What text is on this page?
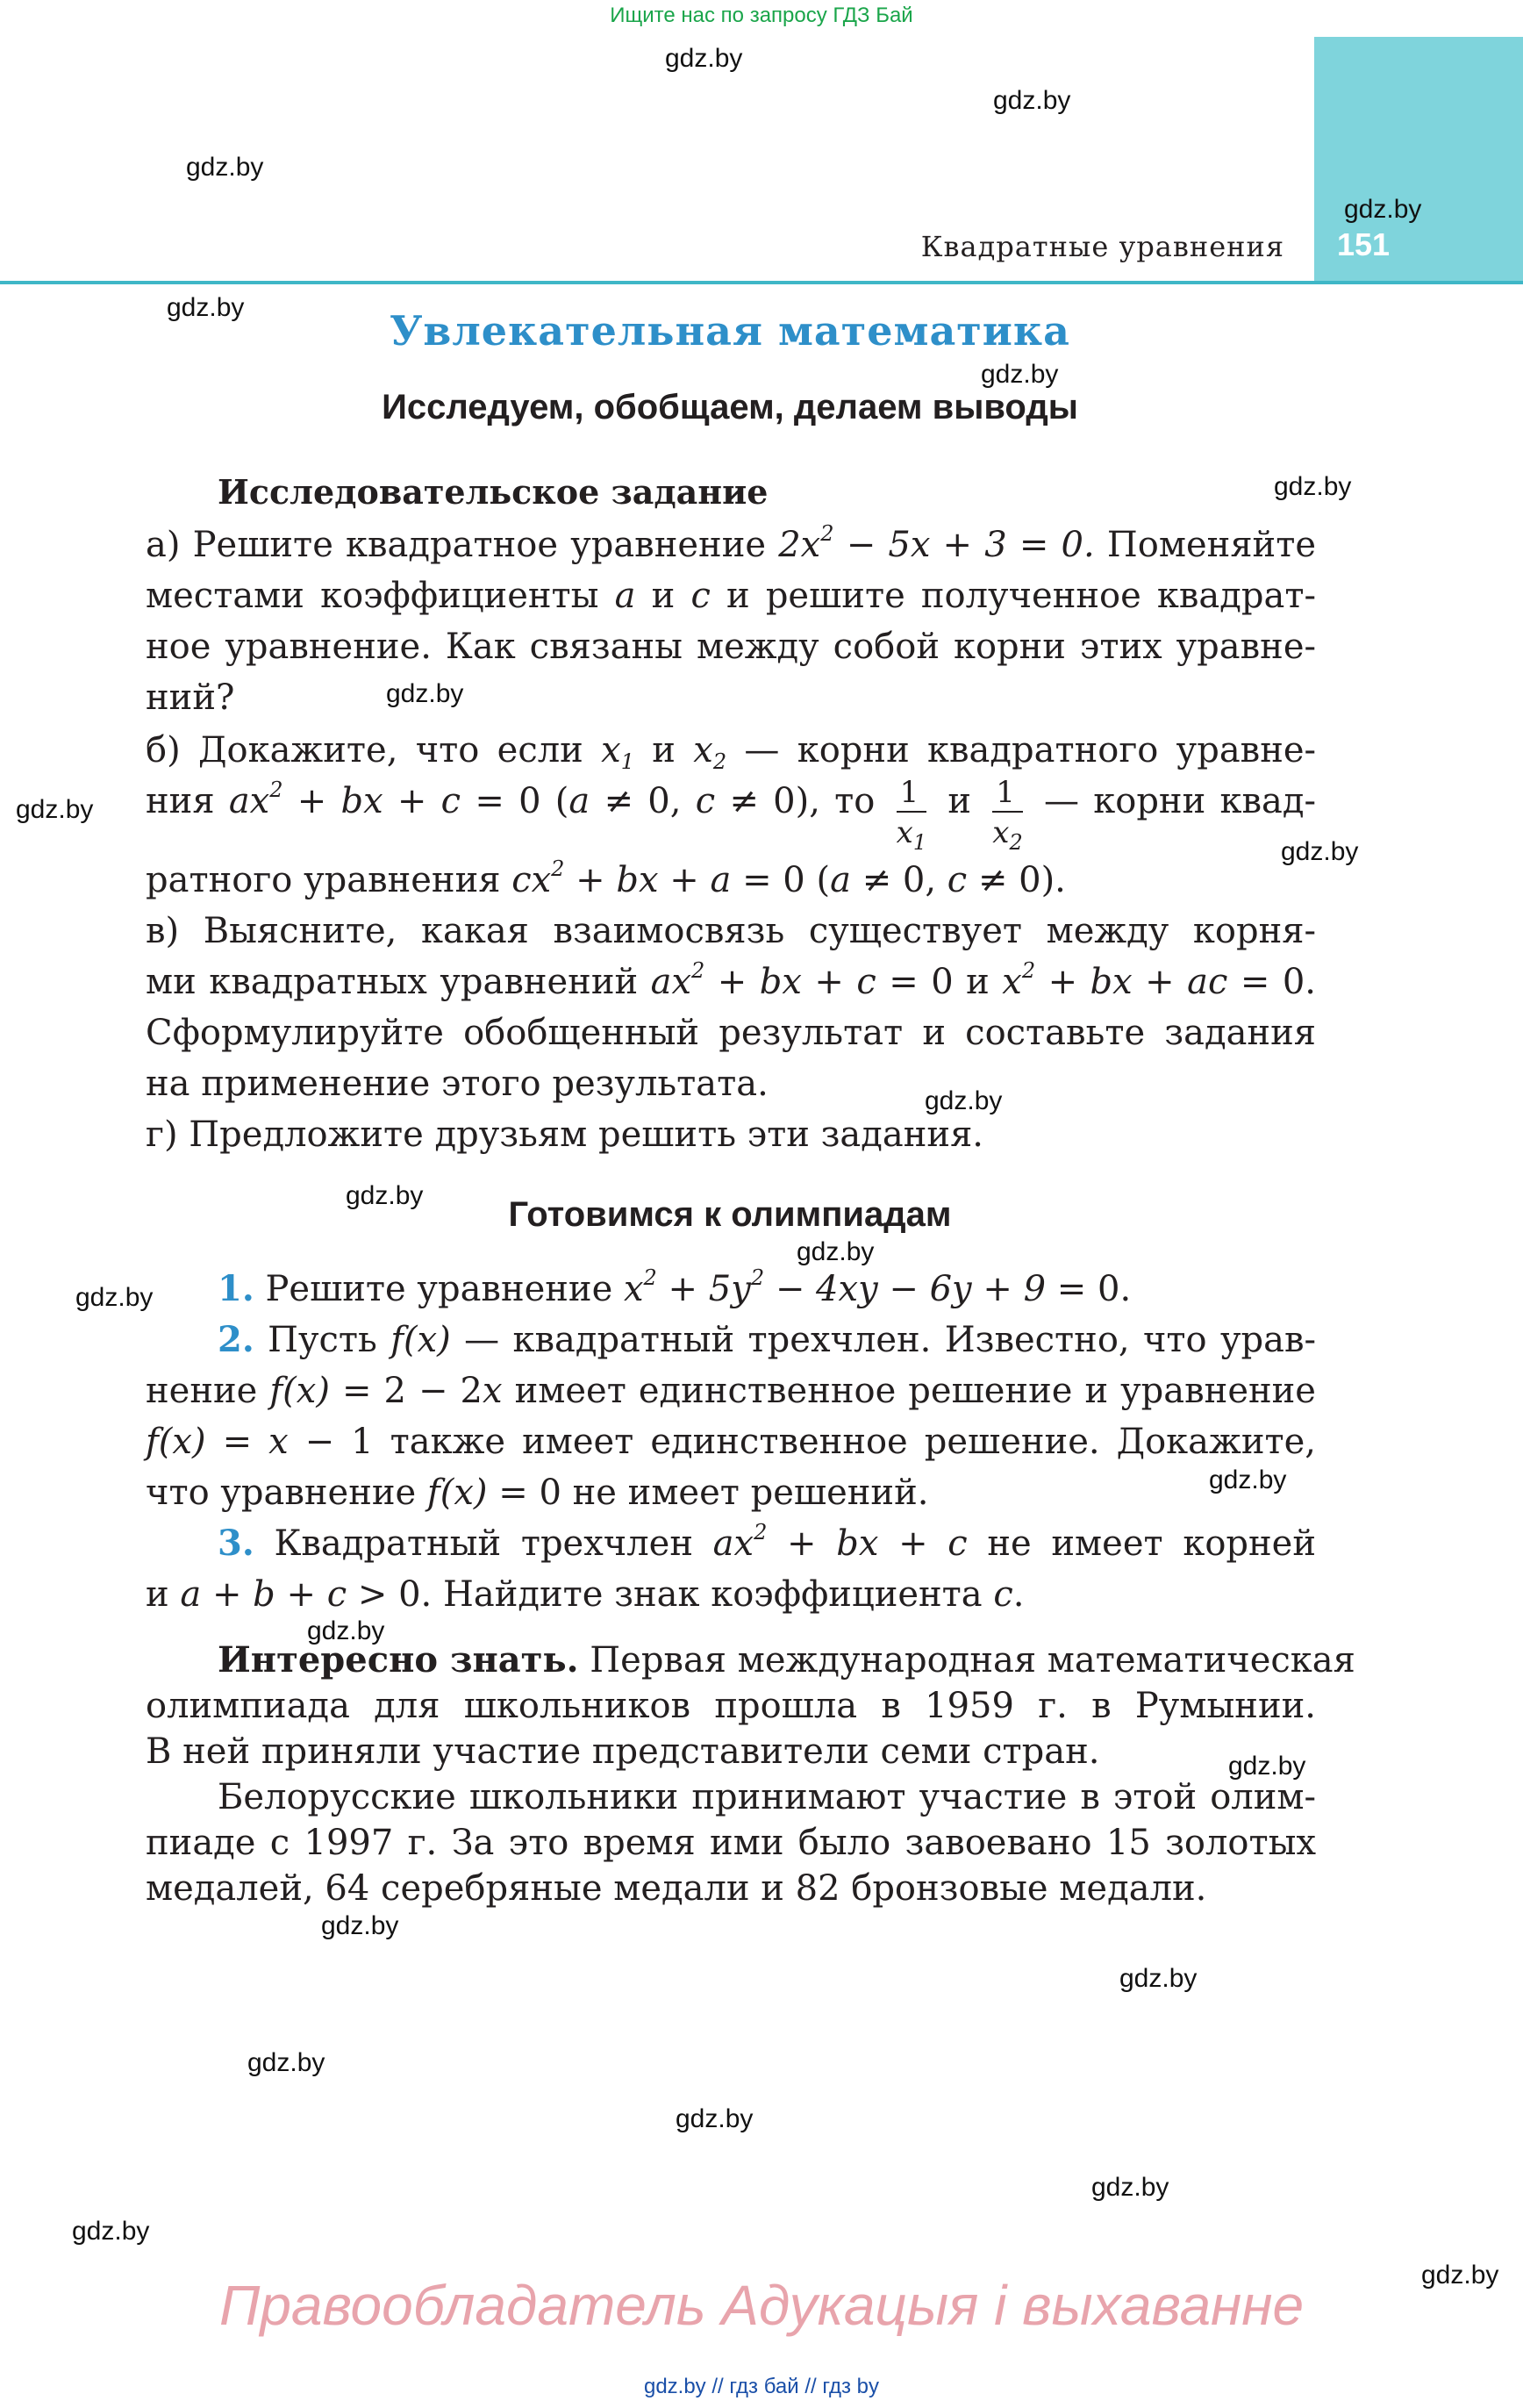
Ищите нас по запросу ГДЗ Бай
151
Квадратные уравнения
Увлекательная математика
Исследуем, обобщаем, делаем выводы
Исследовательское задание
а) Решите квадратное уравнение $2x^2 - 5x + 3 = 0$. Поменяйте
местами коэффициенты a и c и решите полученное квадрат-
ное уравнение. Как связаны между собой корни этих уравне-
ний?
б) Докажите, что если $x_1$ и $x_2$ — корни квадратного уравне-
ния $ax^2$ + bx + c = 0 (a ≠ 0, c ≠ 0), то $\frac{1}{x_1}$ и $\frac{1}{x_2}$ — корни квад-
ратного уравнения $cx^2$ + bx + a = 0 (a ≠ 0, c ≠ 0).
в) Выясните, какая взаимосвязь существует между корня-
ми квадратных уравнений $ax^2$ + bx + c = 0 и $x^2$ + bx + ac = 0.
Сформулируйте обобщенный результат и составьте задания
на применение этого результата.
г) Предложите друзьям решить эти задания.
Готовимся к олимпиадам
1. Решите уравнение $x^2 + 5y^2 - 4xy - 6y + 9 = 0$.
2. Пусть f(x) — квадратный трехчлен. Известно, что урав-
нение f(x) = 2 − 2x имеет единственное решение и уравнение
f(x) = x − 1 также имеет единственное решение. Докажите,
что уравнение f(x) = 0 не имеет решений.
3. Квадратный трехчлен $ax^2$ + bx + c не имеет корней
и a + b + c > 0. Найдите знак коэффициента c.
Интересно знать. Первая международная математическая
олимпиада для школьников прошла в 1959 г. в Румынии.
В ней приняли участие представители семи стран.
Белорусские школьники принимают участие в этой олим-
пиаде с 1997 г. За это время ими было завоевано 15 золотых
медалей, 64 серебряные медали и 82 бронзовые медали.
gdz.by
gdz.by
gdz.by
gdz.by
gdz.by
gdz.by
gdz.by
gdz.by
gdz.by
gdz.by
gdz.by
gdz.by
gdz.by
gdz.by
gdz.by
gdz.by
gdz.by
gdz.by
gdz.by
gdz.by
gdz.by
gdz.by
gdz.by
gdz.by
Правообладатель Адукацыя і выхаванне
gdz.by // гдз бай // гдз by
